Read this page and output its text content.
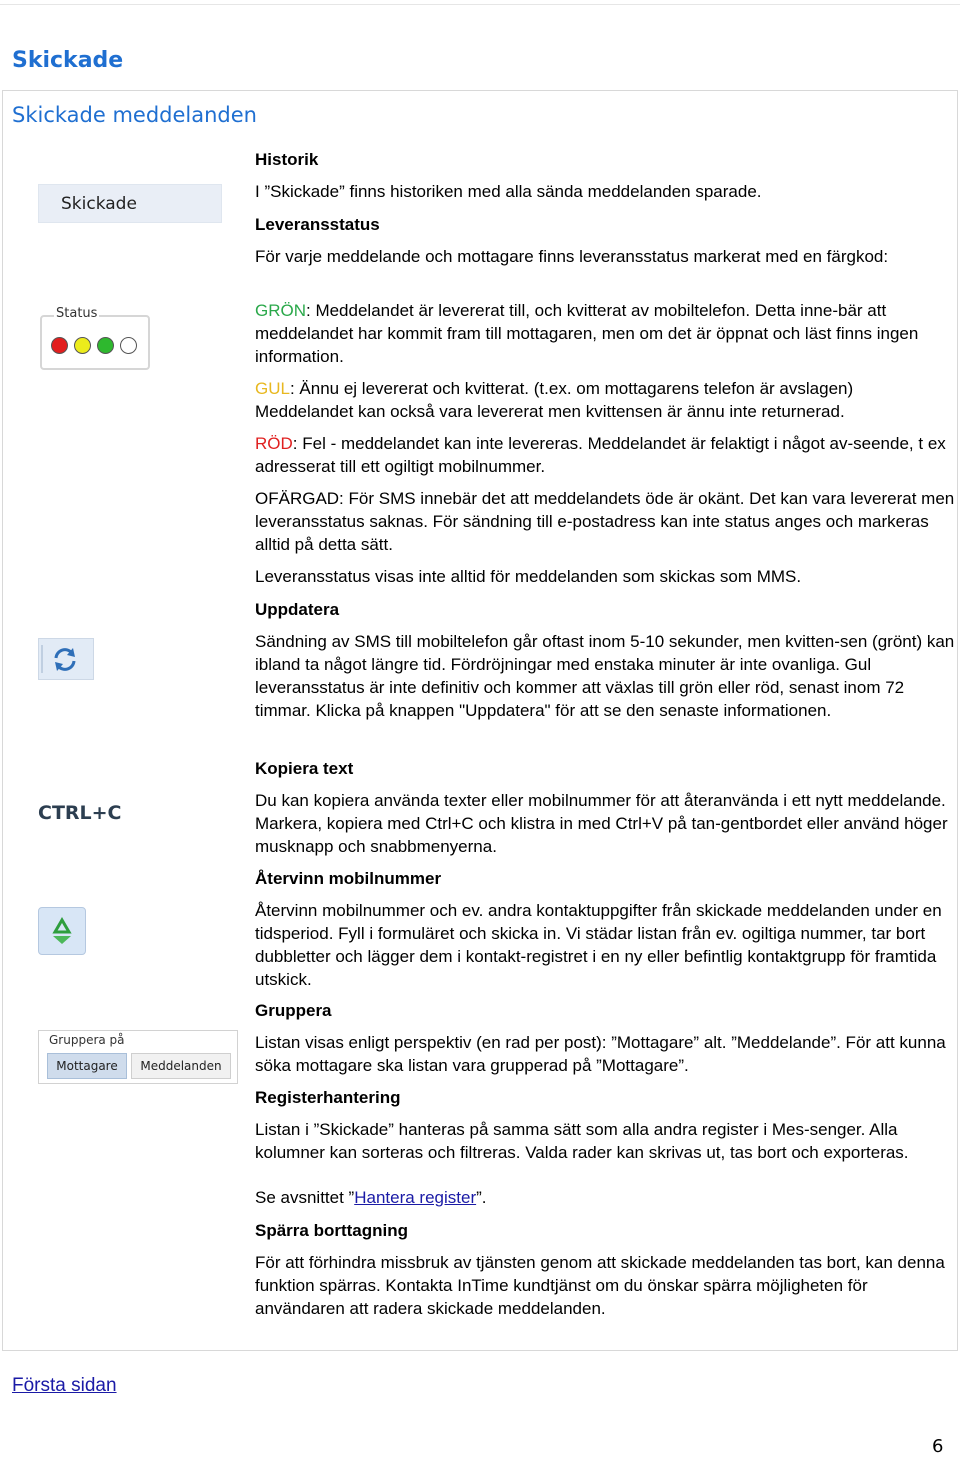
Skickade
Skickade meddelanden
Skickade
Status
CTRL+C
Gruppera på
Mottagare	Meddelanden

Historik

I ”Skickade” finns historiken med alla sända meddelanden sparade.

Leveransstatus

För varje meddelande och mottagare finns leveransstatus markerat med en färgkod:

GRÖN: Meddelandet är levererat till, och kvitterat av mobiltelefon. Detta inne-bär att meddelandet har kommit fram till mottagaren, men om det är öppnat och läst finns ingen information.

GUL: Ännu ej levererat och kvitterat. (t.ex. om mottagarens telefon är avslagen) Meddelandet kan också vara levererat men kvittensen är ännu inte returnerad.

RÖD: Fel - meddelandet kan inte levereras. Meddelandet är felaktigt i något av-seende, t ex adresserat till ett ogiltigt mobilnummer.

OFÄRGAD: För SMS innebär det att meddelandets öde är okänt. Det kan vara levererat men leveransstatus saknas. För sändning till e-postadress kan inte status anges och markeras alltid på detta sätt.

Leveransstatus visas inte alltid för meddelanden som skickas som MMS.

Uppdatera

Sändning av SMS till mobiltelefon går oftast inom 5-10 sekunder, men kvitten-sen (grönt) kan ibland ta något längre tid. Fördröjningar med enstaka minuter är inte ovanliga. Gul leveransstatus är inte definitiv och kommer att växlas till grön eller röd, senast inom 72 timmar. Klicka på knappen "Uppdatera" för att se den senaste informationen.

Kopiera text

Du kan kopiera använda texter eller mobilnummer för att återanvända i ett nytt meddelande. Markera, kopiera med Ctrl+C och klistra in med Ctrl+V på tan-gentbordet eller använd höger musknapp och snabbmenyerna.

Återvinn mobilnummer

Återvinn mobilnummer och ev. andra kontaktuppgifter från skickade meddelanden under en tidsperiod. Fyll i formuläret och skicka in. Vi städar listan från ev. ogiltiga nummer, tar bort dubbletter och lägger dem i kontakt-registret i en ny eller befintlig kontaktgrupp för framtida utskick.

Gruppera

Listan visas enligt perspektiv (en rad per post): ”Mottagare” alt. ”Meddelande”. För att kunna söka mottagare ska listan vara grupperad på ”Mottagare”.

Registerhantering

Listan i ”Skickade” hanteras på samma sätt som alla andra register i Mes-senger. Alla kolumner kan sorteras och filtreras. Valda rader kan skrivas ut, tas bort och exporteras.

Se avsnittet ”Hantera register”.

Spärra borttagning

För att förhindra missbruk av tjänsten genom att skickade meddelanden tas bort, kan denna funktion spärras. Kontakta InTime kundtjänst om du önskar spärra möjligheten för användaren att radera skickade meddelanden.

Första sidan
6
